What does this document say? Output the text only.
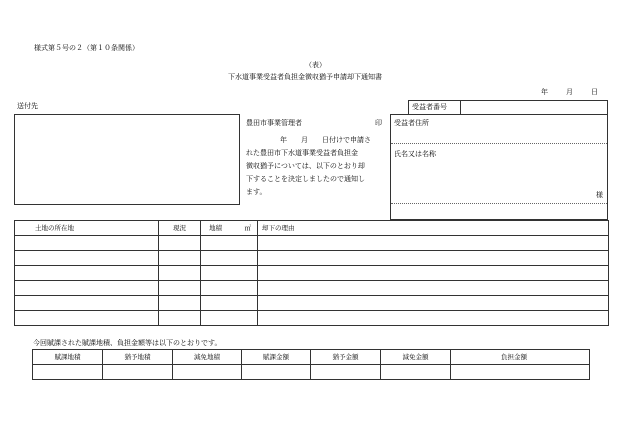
様式第５号の２（第１０条関係）
（表）
下水道事業受益者負担金徴収猶予申請却下通知書
年	月	日
送付先
豊田市事業管理者	印
年　　月　　日付けで申請さ
れた豊田市下水道事業受益者負担金
徴収猶予については、以下のとおり却
下することを決定しましたので通知し
ます。
受益者番号
受益者住所
氏名又は名称
様
土地の所在地	現況	地積 ㎡	却下の理由

今回賦課された賦課地積、負担金額等は以下のとおりです。
賦課地積	猶予地積	減免地積	賦課金額	猶予金額	減免金額	負担金額
